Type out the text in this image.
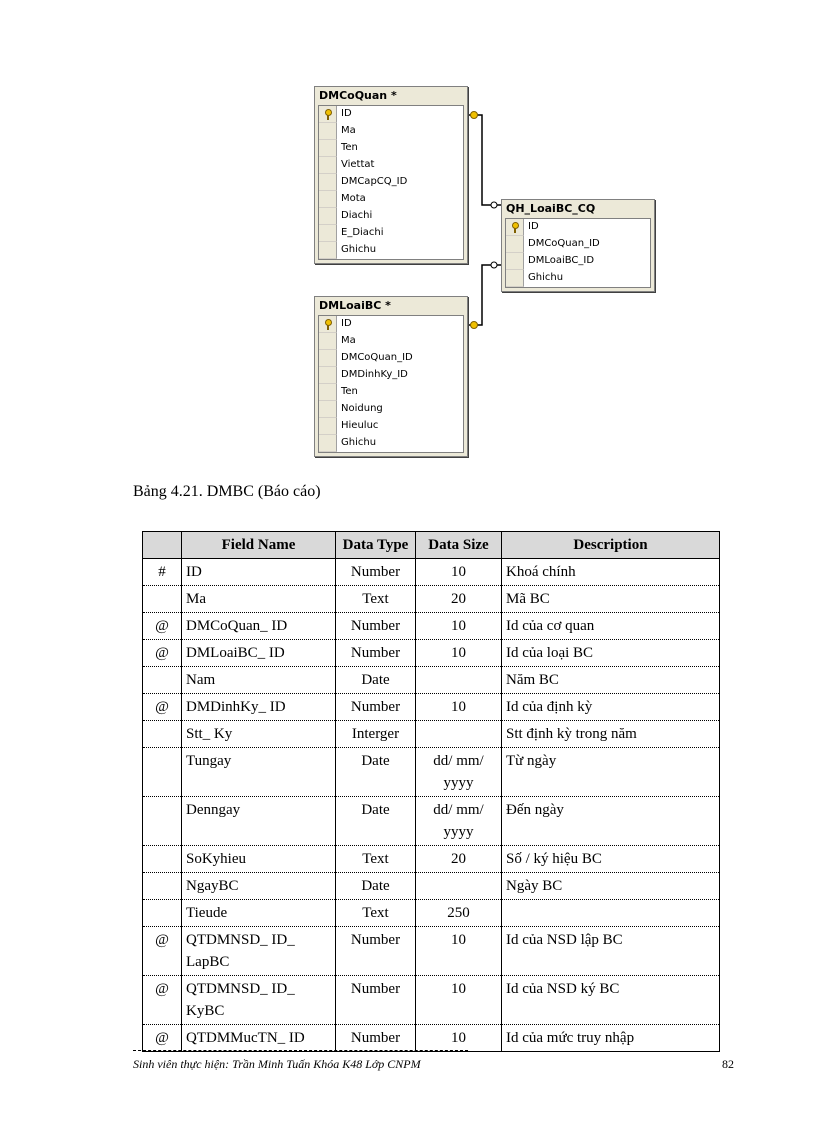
DMCoQuan *
ID
Ma
Ten
Viettat
DMCapCQ_ID
Mota
Diachi
E_Diachi
Ghichu
QH_LoaiBC_CQ
ID
DMCoQuan_ID
DMLoaiBC_ID
Ghichu
DMLoaiBC *
ID
Ma
DMCoQuan_ID
DMDinhKy_ID
Ten
Noidung
Hieuluc
Ghichu
Bảng 4.21. DMBC (Báo cáo)
	Field Name	Data Type	Data Size	Description
#	ID	Number	10	Khoá chính
	Ma	Text	20	Mã BC
@	DMCoQuan_ ID	Number	10	Id của cơ quan
@	DMLoaiBC_ ID	Number	10	Id của loại BC
	Nam	Date		Năm BC
@	DMDinhKy_ ID	Number	10	Id của định kỳ
	Stt_ Ky	Interger		Stt định kỳ trong năm
	Tungay	Date	dd/ mm/ yyyy	Từ ngày
	Denngay	Date	dd/ mm/ yyyy	Đến ngày
	SoKyhieu	Text	20	Số / ký hiệu BC
	NgayBC	Date		Ngày BC
	Tieude	Text	250	
@	QTDMNSD_ ID_ LapBC	Number	10	Id của NSD lập BC
@	QTDMNSD_ ID_ KyBC	Number	10	Id của NSD ký BC
@	QTDMMucTN_ ID	Number	10	Id của mức truy nhập
Sinh viên thực hiện: Trần Minh Tuấn Khóa K48 Lớp CNPM	82
